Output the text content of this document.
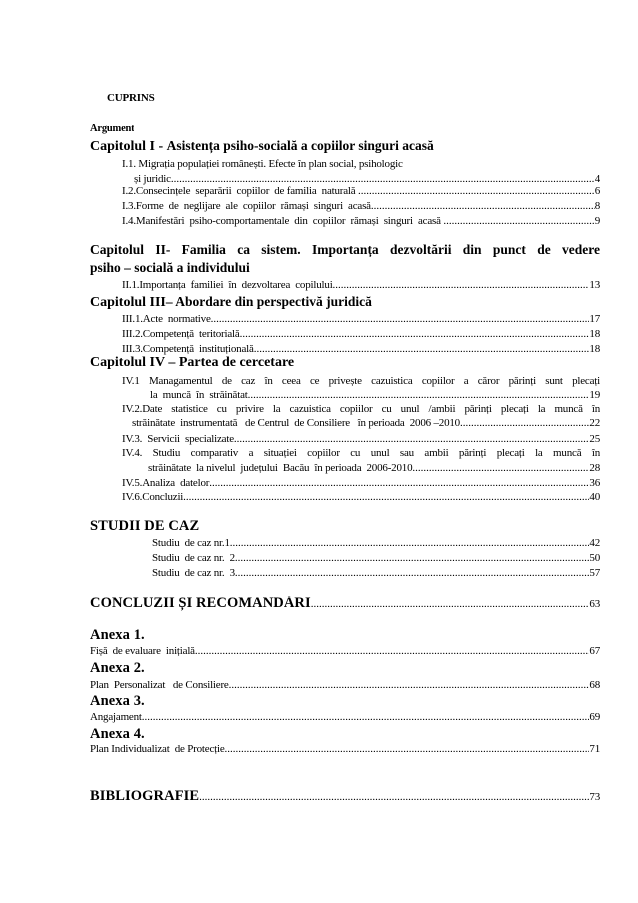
CUPRINS
Argument
Capitolul I - Asistența psiho-socială a copiilor singuri acasă
I.1. Migrația populației românești. Efecte în plan social, psihologic
și juridic .....	4
I.2.Consecințele  separării  copiilor  de familia  naturală .....	6
I.3.Forme  de  neglijare  ale  copiilor  rămași  singuri  acasă .....	8
I.4.Manifestări  psiho-comportamentale  din  copiilor  rămași  singuri  acasă .....	9
Capitolul II- Familia ca sistem. Importanța dezvoltării din punct de vedere
psiho – socială a individului
II.1.Importanța  familiei  în  dezvoltarea  copilului .....	13
Capitolul III– Abordare din perspectivă juridică
III.1.Acte  normative .....	17
III.2.Competență  teritorială .....	18
III.3.Competență  instituțională .....	18
Capitolul IV – Partea de cercetare
IV.1 Managamentul de caz în ceea ce privește cazuistica copiilor a căror părinți sunt plecați
la  muncă  în  străinătat .....	19
IV.2.Date statistice cu privire la cazuistica copiilor cu unul /ambii părinți plecați la muncă în
străinătate  instrumentată   de Centrul  de Consiliere   în perioada  2006 –2010 .....	22
IV.3.  Servicii  specializate .....	25
IV.4. Studiu comparativ a situației copiilor cu unul sau ambii părinți plecați la muncă în
străinătate  la nivelul  județului  Bacău  în perioada  2006-2010 .....	28
IV.5.Analiza  datelor .....	36
IV.6.Concluzii .....	40
STUDII DE CAZ
Studiu  de caz nr.1 .....	42
Studiu  de caz nr.  2 .....	50
Studiu  de caz nr.  3 .....	57
CONCLUZII ȘI RECOMANDĂRI .....	63
Anexa 1.
Fișă  de evaluare  inițială .....	67
Anexa 2.
Plan  Personalizat   de Consiliere .....	68
Anexa 3.
Angajament .....	69
Anexa 4.
Plan Individualizat  de Protecție .....	71
BIBLIOGRAFIE .....	73
